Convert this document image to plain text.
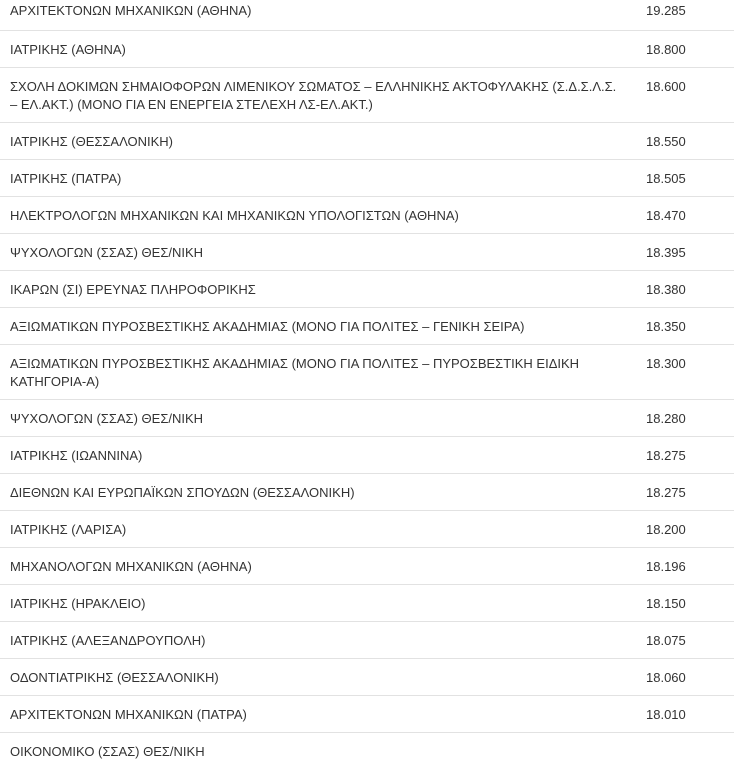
ΑΡΧΙΤΕΚΤΟΝΩΝ ΜΗΧΑΝΙΚΩΝ (ΑΘΗΝΑ)	19.285
ΙΑΤΡΙΚΗΣ (ΑΘΗΝΑ)	18.800
ΣΧΟΛΗ ΔΟΚΙΜΩΝ ΣΗΜΑΙΟΦΟΡΩΝ ΛΙΜΕΝΙΚΟΥ ΣΩΜΑΤΟΣ – ΕΛΛΗΝΙΚΗΣ ΑΚΤΟΦΥΛΑΚΗΣ (Σ.Δ.Σ.Λ.Σ. – ΕΛ.ΑΚΤ.) (ΜΟΝΟ ΓΙΑ ΕΝ ΕΝΕΡΓΕΙΑ ΣΤΕΛΕΧΗ ΛΣ-ΕΛ.ΑΚΤ.)	18.600
ΙΑΤΡΙΚΗΣ (ΘΕΣΣΑΛΟΝΙΚΗ)	18.550
ΙΑΤΡΙΚΗΣ (ΠΑΤΡΑ)	18.505
ΗΛΕΚΤΡΟΛΟΓΩΝ ΜΗΧΑΝΙΚΩΝ ΚΑΙ ΜΗΧΑΝΙΚΩΝ ΥΠΟΛΟΓΙΣΤΩΝ (ΑΘΗΝΑ)	18.470
ΨΥΧΟΛΟΓΩΝ (ΣΣΑΣ) ΘΕΣ/ΝΙΚΗ	18.395
ΙΚΑΡΩΝ (ΣΙ) ΕΡΕΥΝΑΣ ΠΛΗΡΟΦΟΡΙΚΗΣ	18.380
ΑΞΙΩΜΑΤΙΚΩΝ ΠΥΡΟΣΒΕΣΤΙΚΗΣ ΑΚΑΔΗΜΙΑΣ (ΜΟΝΟ ΓΙΑ ΠΟΛΙΤΕΣ – ΓΕΝΙΚΗ ΣΕΙΡΑ)	18.350
ΑΞΙΩΜΑΤΙΚΩΝ ΠΥΡΟΣΒΕΣΤΙΚΗΣ ΑΚΑΔΗΜΙΑΣ (ΜΟΝΟ ΓΙΑ ΠΟΛΙΤΕΣ – ΠΥΡΟΣΒΕΣΤΙΚΗ ΕΙΔΙΚΗ ΚΑΤΗΓΟΡΙΑ-Α)	18.300
ΨΥΧΟΛΟΓΩΝ (ΣΣΑΣ) ΘΕΣ/ΝΙΚΗ	18.280
ΙΑΤΡΙΚΗΣ (ΙΩΑΝΝΙΝΑ)	18.275
ΔΙΕΘΝΩΝ ΚΑΙ ΕΥΡΩΠΑΪΚΩΝ ΣΠΟΥΔΩΝ (ΘΕΣΣΑΛΟΝΙΚΗ)	18.275
ΙΑΤΡΙΚΗΣ (ΛΑΡΙΣΑ)	18.200
ΜΗΧΑΝΟΛΟΓΩΝ ΜΗΧΑΝΙΚΩΝ (ΑΘΗΝΑ)	18.196
ΙΑΤΡΙΚΗΣ (ΗΡΑΚΛΕΙΟ)	18.150
ΙΑΤΡΙΚΗΣ (ΑΛΕΞΑΝΔΡΟΥΠΟΛΗ)	18.075
ΟΔΟΝΤΙΑΤΡΙΚΗΣ (ΘΕΣΣΑΛΟΝΙΚΗ)	18.060
ΑΡΧΙΤΕΚΤΟΝΩΝ ΜΗΧΑΝΙΚΩΝ (ΠΑΤΡΑ)	18.010
ΟΙΚΟΝΟΜΙΚΟ (ΣΣΑΣ) ΘΕΣ/ΝΙΚΗ	
